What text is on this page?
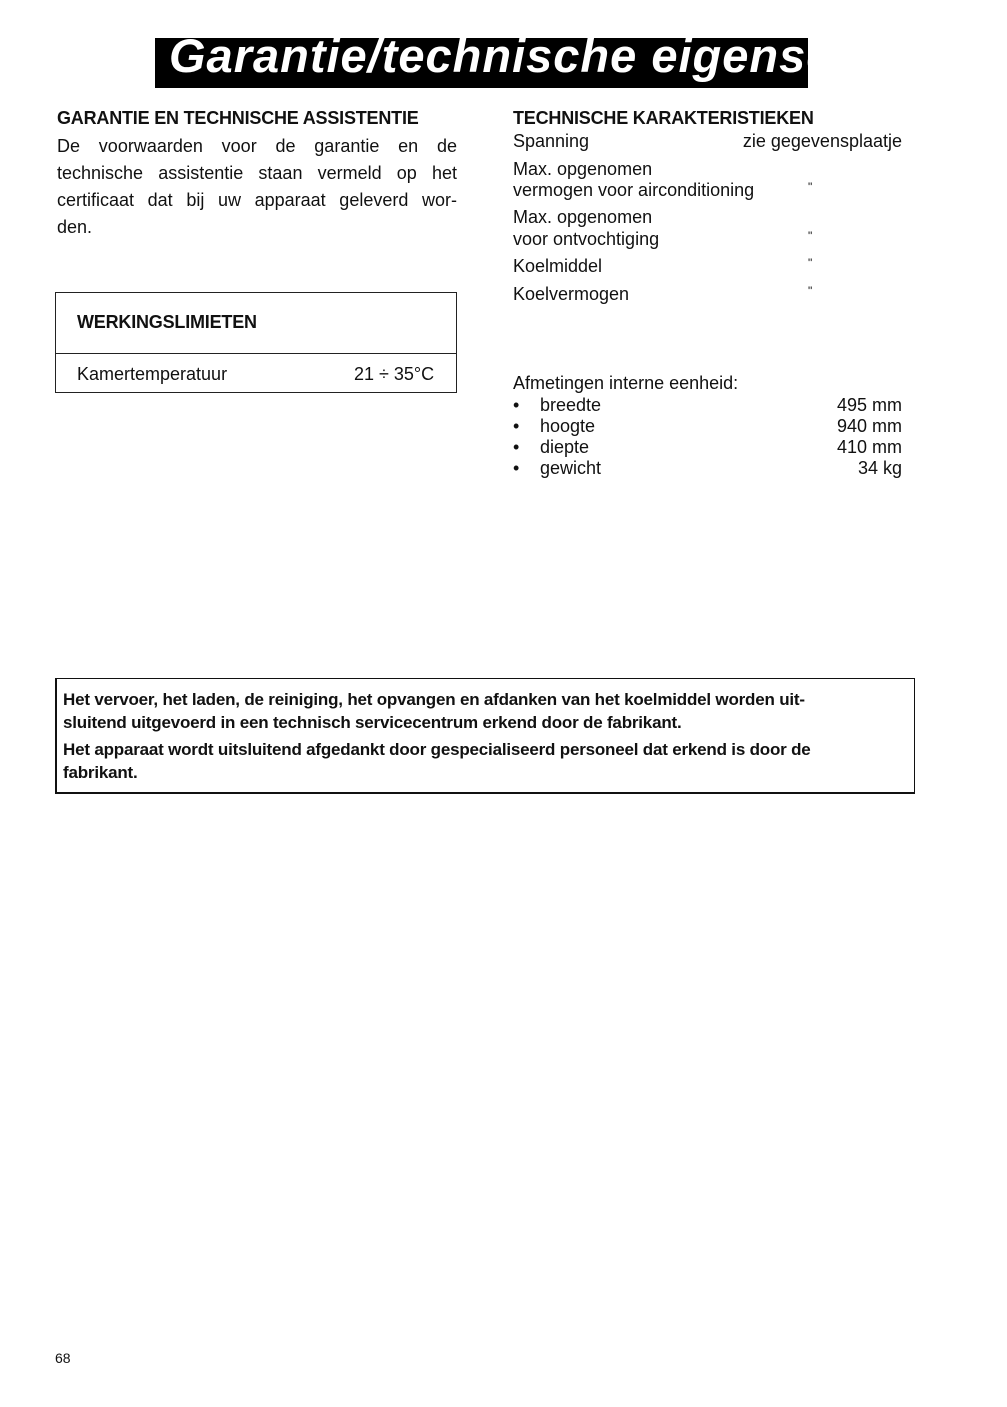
Garantie/technische eigenschappen
GARANTIE EN TECHNISCHE ASSISTENTIE
De voorwaarden voor de garantie en de
technische assistentie staan vermeld op het
certificaat dat bij uw apparaat geleverd wor-
den.
WERKINGSLIMIETEN
Kamertemperatuur	21 ÷ 35°C
TECHNISCHE KARAKTERISTIEKEN
Spanning	zie gegevensplaatje
Max. opgenomen
vermogen voor airconditioning	"
Max. opgenomen
voor ontvochtiging	"
Koelmiddel	"
Koelvermogen	"
Afmetingen interne eenheid:
• breedte	495 mm
• hoogte	940 mm
• diepte	410 mm
• gewicht	34 kg

Het vervoer, het laden, de reiniging, het opvangen en afdanken van het koelmiddel worden uit-

sluitend uitgevoerd in een technisch servicecentrum erkend door de fabrikant.

Het apparaat wordt uitsluitend afgedankt door gespecialiseerd personeel dat erkend is door de

fabrikant.

68
